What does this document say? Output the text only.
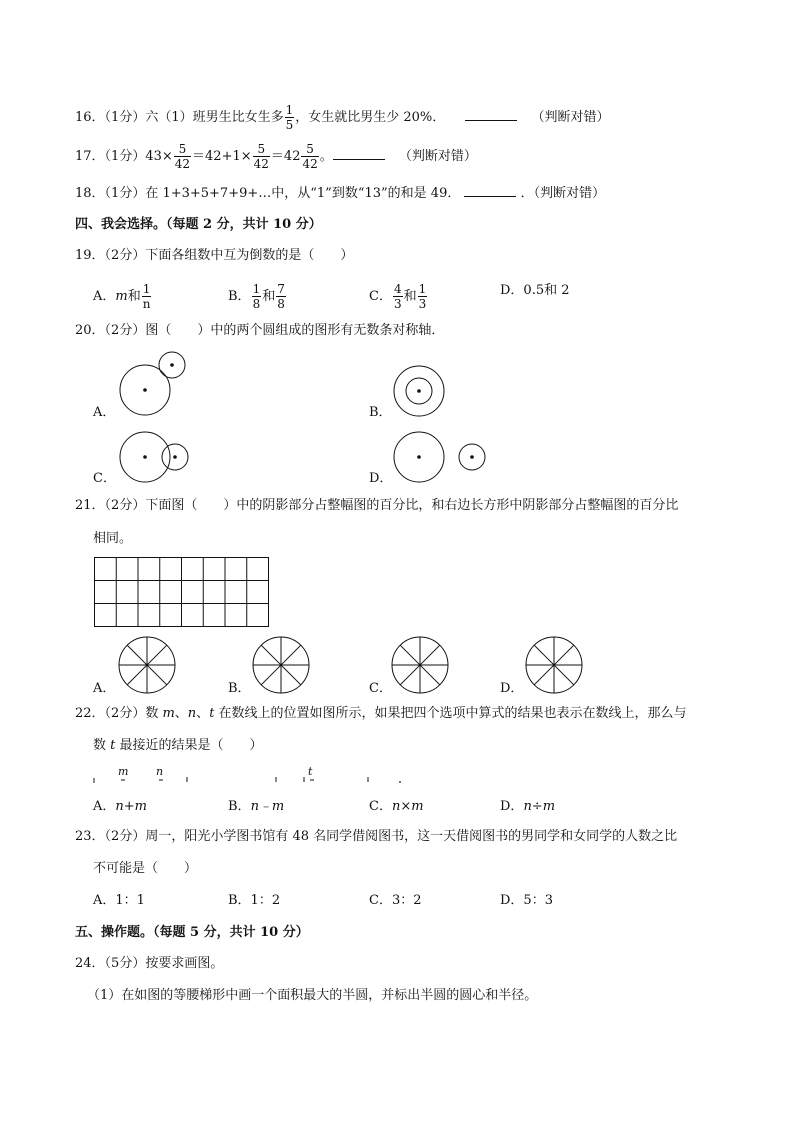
16．（1分）六（1）班男生比女生多 $\frac{1}{5}$ ，女生就比男生少 20%．	（判断对错）
17．（1分）$43\times \frac{5}{42} =42+1\times \frac{5}{42} =42 \frac{5}{42}$ 。	（判断对错）
18．（1分）在 1+3+5+7+9+…中，从“1”到数“13”的和是 49．	．（判断对错）
四、我会选择。（每题 2 分，共计 10 分）
19．（2分）下面各组数中互为倒数的是（　　）
A．m和 $\frac{1}{n}$	B． $\frac{1}{8}$ 和 $\frac{7}{8}$	C． $\frac{4}{3}$ 和 $\frac{1}{3}$	D．0.5和 2
20．（2分）图（　　）中的两个圆组成的图形有无数条对称轴．
A．	B．
C．	D．
21．（2分）下面图（　　）中的阴影部分占整幅图的百分比，和右边长方形中阴影部分占整幅图的百分比
相同。
A．	B．	C．	D．
22．（2分）数 m、n、t 在数线上的位置如图所示，如果把四个选项中算式的结果也表示在数线上，那么与
数 t 最接近的结果是（　　）
m	n	t
A．n+m	B．n﹣m	C．n×m	D．n÷m
23．（2分）周一，阳光小学图书馆有 48 名同学借阅图书，这一天借阅图书的男同学和女同学的人数之比
不可能是（　　）
A．1：1	B．1：2	C．3：2	D．5：3
五、操作题。（每题 5 分，共计 10 分）
24．（5分）按要求画图。
（1）在如图的等腰梯形中画一个面积最大的半圆，并标出半圆的圆心和半径。
